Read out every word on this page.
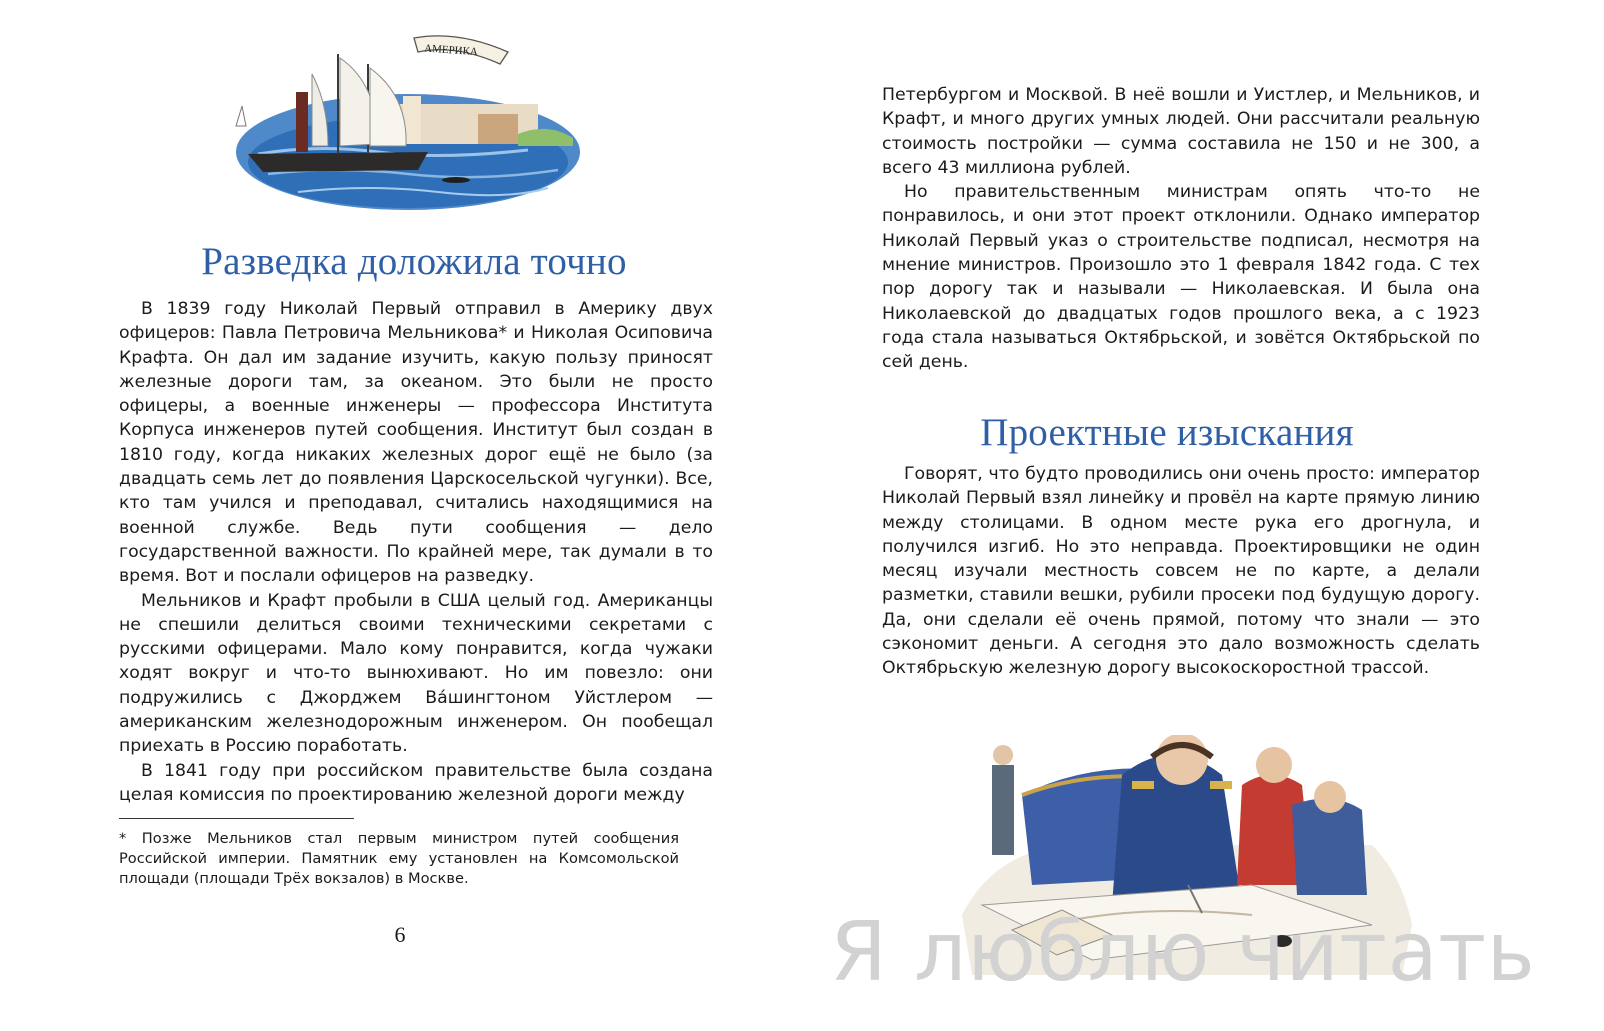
АМЕРИКА
Разведка доложила точно

В 1839 году Николай Первый отправил в Америку двух офицеров: Павла Петровича Мельникова* и Николая Осиповича Крафта. Он дал им задание изучить, какую пользу приносят железные дороги там, за океаном. Это были не просто офицеры, а военные инженеры — профессора Института Корпуса инженеров путей сообщения. Институт был создан в 1810 году, когда никаких железных дорог ещё не было (за двадцать семь лет до появления Царскосельской чугунки). Все, кто там учился и преподавал, считались находящимися на военной службе. Ведь пути сообщения — дело государственной важности. По крайней мере, так думали в то время. Вот и послали офицеров на разведку.

Мельников и Крафт пробыли в США целый год. Американцы не спешили делиться своими техническими секретами с русскими офицерами. Мало кому понравится, когда чужаки ходят вокруг и что-то вынюхивают. Но им повезло: они подружились с Джорджем Ва́шингтоном Уйстлером — американским железнодорожным инженером. Он пообещал приехать в Россию поработать.

В 1841 году при российском правительстве была создана целая комиссия по проектированию железной дороги между

* Позже Мельников стал первым министром путей сообщения Российской империи. Памятник ему установлен на Комсомольской площади (площади Трёх вокзалов) в Москве.

6

Петербургом и Москвой. В неё вошли и Уистлер, и Мельников, и Крафт, и много других умных людей. Они рассчитали реальную стоимость постройки — сумма составила не 150 и не 300, а всего 43 миллиона рублей.

Но правительственным министрам опять что-то не понравилось, и они этот проект отклонили. Однако император Николай Первый указ о строительстве подписал, несмотря на мнение министров. Произошло это 1 февраля 1842 года. С тех пор дорогу так и называли — Николаевская. И была она Николаевской до двадцатых годов прошлого века, а с 1923 года стала называться Октябрьской, и зовётся Октябрьской по сей день.

Проектные изыскания

Говорят, что будто проводились они очень просто: император Николай Первый взял линейку и провёл на карте прямую линию между столицами. В одном месте рука его дрогнула, и получился изгиб. Но это неправда. Проектировщики не один месяц изучали местность совсем не по карте, а делали разметки, ставили вешки, рубили просеки под будущую дорогу. Да, они сделали её очень прямой, потому что знали — это сэкономит деньги. А сегодня это дало возможность сделать Октябрьскую железную дорогу высокоскоростной трассой.

Я люблю читать
